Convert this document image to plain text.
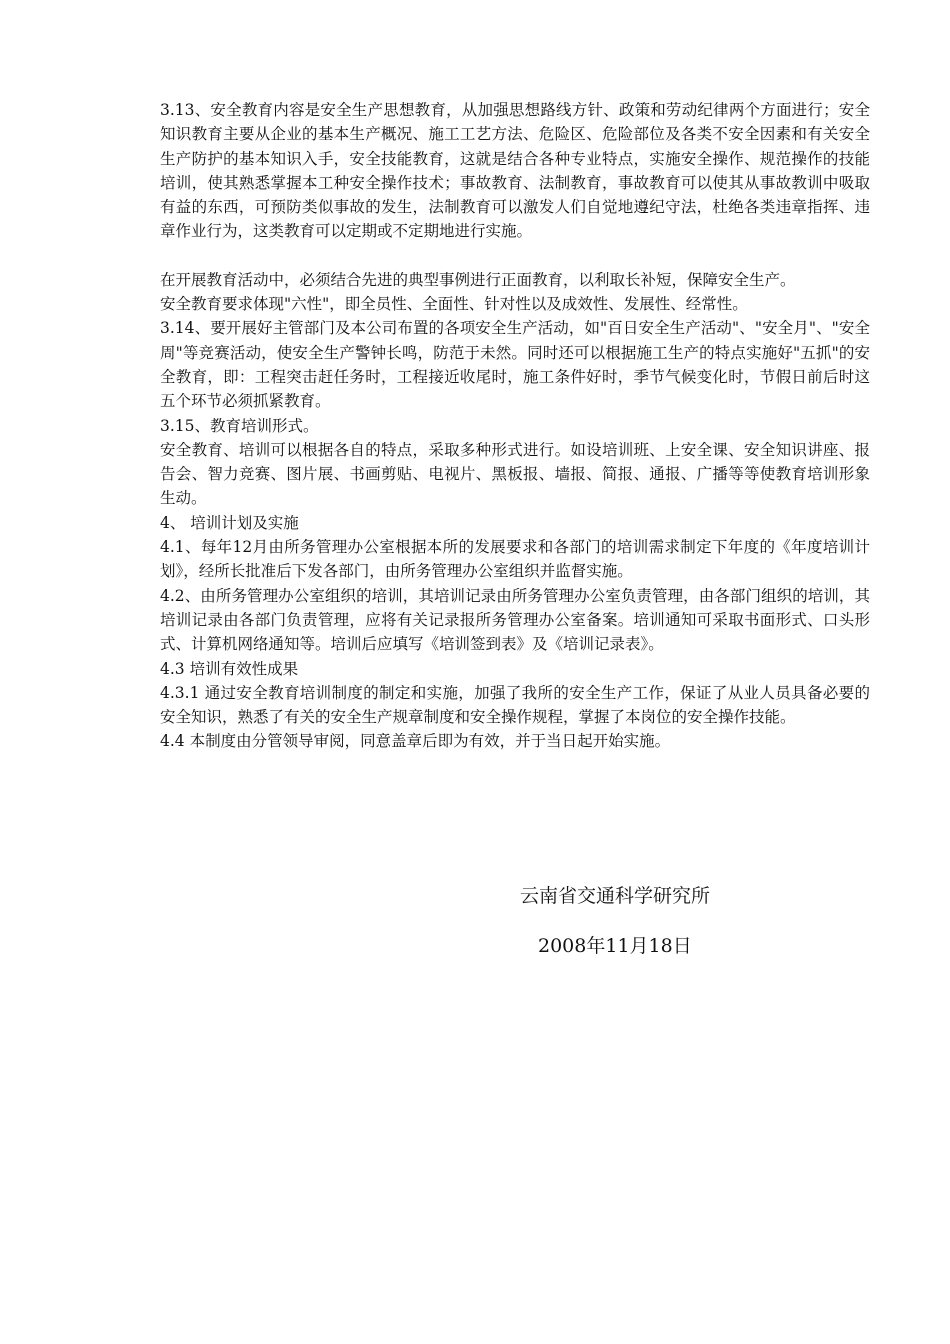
3.13、安全教育内容是安全生产思想教育，从加强思想路线方针、政策和劳动纪律两个方面进行；安全知识教育主要从企业的基本生产概况、施工工艺方法、危险区、危险部位及各类不安全因素和有关安全生产防护的基本知识入手，安全技能教育，这就是结合各种专业特点，实施安全操作、规范操作的技能培训，使其熟悉掌握本工种安全操作技术；事故教育、法制教育，事故教育可以使其从事故教训中吸取有益的东西，可预防类似事故的发生，法制教育可以激发人们自觉地遵纪守法，杜绝各类违章指挥、违章作业行为，这类教育可以定期或不定期地进行实施。

在开展教育活动中，必须结合先进的典型事例进行正面教育，以利取长补短，保障安全生产。

安全教育要求体现"六性"，即全员性、全面性、针对性以及成效性、发展性、经常性。

3.14、要开展好主管部门及本公司布置的各项安全生产活动，如"百日安全生产活动"、"安全月"、"安全周"等竞赛活动，使安全生产警钟长鸣，防范于未然。同时还可以根据施工生产的特点实施好"五抓"的安全教育，即：工程突击赶任务时，工程接近收尾时，施工条件好时，季节气候变化时，节假日前后时这五个环节必须抓紧教育。

3.15、教育培训形式。

安全教育、培训可以根据各自的特点，采取多种形式进行。如设培训班、上安全课、安全知识讲座、报告会、智力竞赛、图片展、书画剪贴、电视片、黑板报、墙报、简报、通报、广播等等使教育培训形象生动。

4、 培训计划及实施

4.1、每年12月由所务管理办公室根据本所的发展要求和各部门的培训需求制定下年度的《年度培训计划》，经所长批准后下发各部门，由所务管理办公室组织并监督实施。

4.2、由所务管理办公室组织的培训，其培训记录由所务管理办公室负责管理，由各部门组织的培训，其培训记录由各部门负责管理，应将有关记录报所务管理办公室备案。培训通知可采取书面形式、口头形式、计算机网络通知等。培训后应填写《培训签到表》及《培训记录表》。

4.3 培训有效性成果

4.3.1 通过安全教育培训制度的制定和实施，加强了我所的安全生产工作，保证了从业人员具备必要的安全知识，熟悉了有关的安全生产规章制度和安全操作规程，掌握了本岗位的安全操作技能。

4.4 本制度由分管领导审阅，同意盖章后即为有效，并于当日起开始实施。

云南省交通科学研究所
2008年11月18日
